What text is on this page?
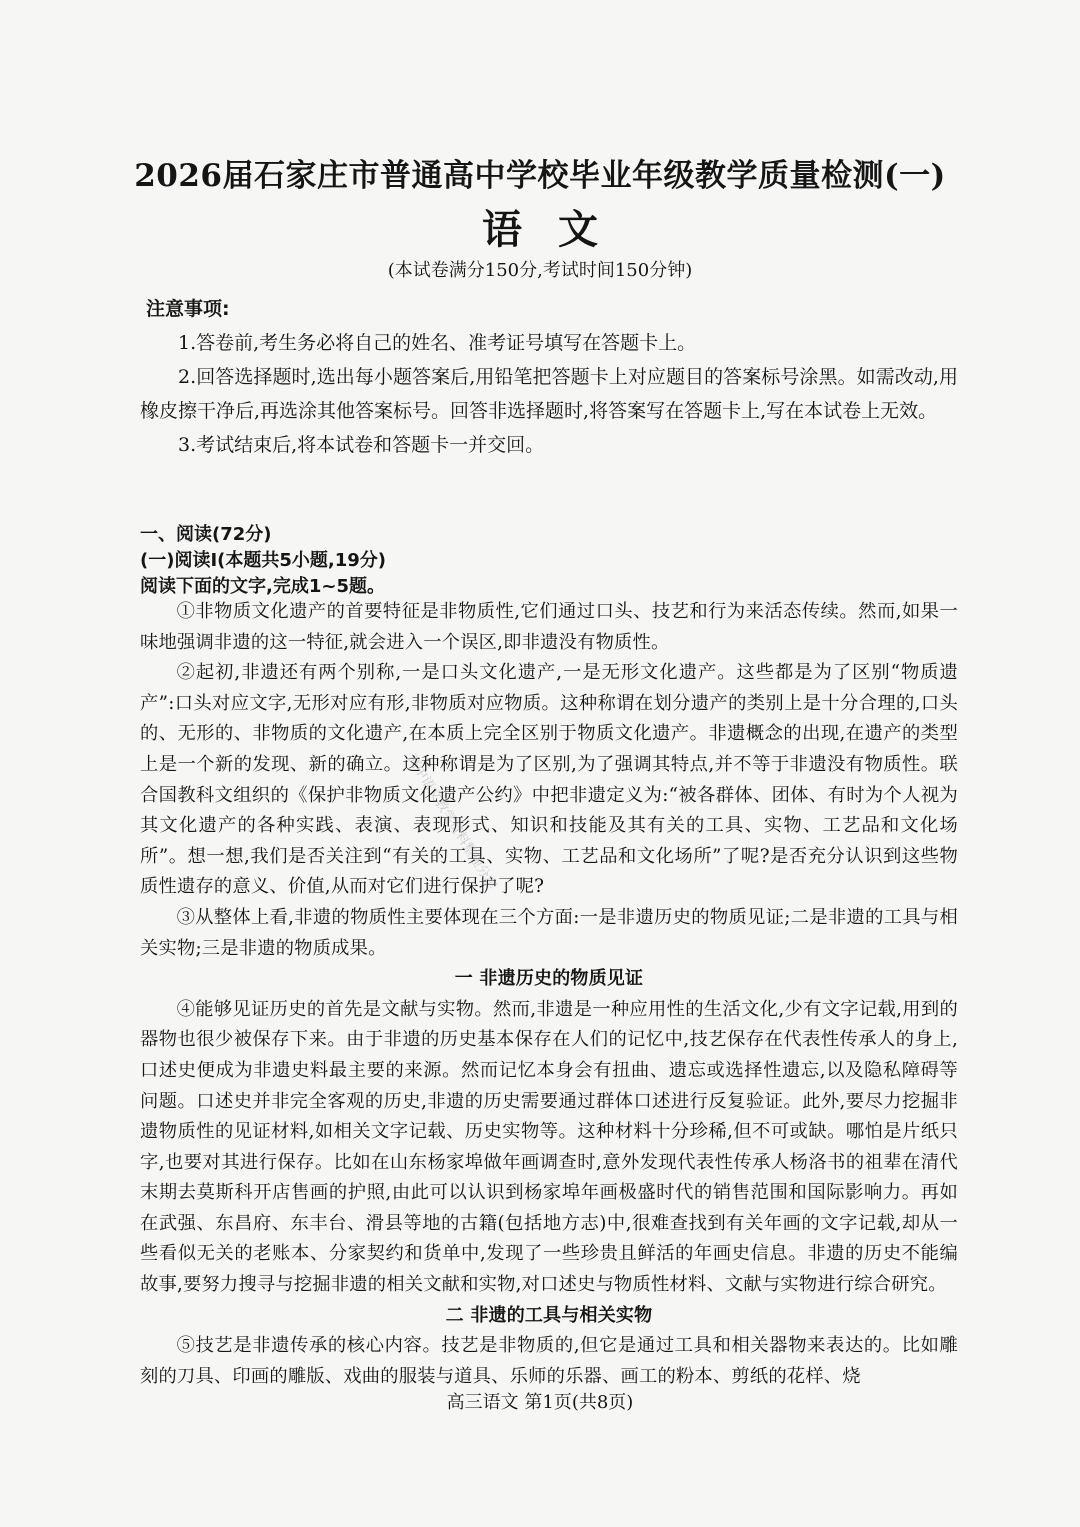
2026届石家庄市普通高中学校毕业年级教学质量检测(一)
语文
(本试卷满分150分,考试时间150分钟)
注意事项:

1.答卷前,考生务必将自己的姓名、准考证号填写在答题卡上。

2.回答选择题时,选出每小题答案后,用铅笔把答题卡上对应题目的答案标号涂黑。如需改动,用橡皮擦干净后,再选涂其他答案标号。回答非选择题时,将答案写在答题卡上,写在本试卷上无效。

3.考试结束后,将本试卷和答题卡一并交回。

一、阅读(72分)
(一)阅读Ⅰ(本题共5小题,19分)
阅读下面的文字,完成1~5题。

①非物质文化遗产的首要特征是非物质性,它们通过口头、技艺和行为来活态传续。然而,如果一味地强调非遗的这一特征,就会进入一个误区,即非遗没有物质性。

②起初,非遗还有两个别称,一是口头文化遗产,一是无形文化遗产。这些都是为了区别“物质遗产”:口头对应文字,无形对应有形,非物质对应物质。这种称谓在划分遗产的类别上是十分合理的,口头的、无形的、非物质的文化遗产,在本质上完全区别于物质文化遗产。非遗概念的出现,在遗产的类型上是一个新的发现、新的确立。这种称谓是为了区别,为了强调其特点,并不等于非遗没有物质性。联合国教科文组织的《保护非物质文化遗产公约》中把非遗定义为:“被各群体、团体、有时为个人视为其文化遗产的各种实践、表演、表现形式、知识和技能及其有关的工具、实物、工艺品和文化场所”。想一想,我们是否关注到“有关的工具、实物、工艺品和文化场所”了呢?是否充分认识到这些物质性遗存的意义、价值,从而对它们进行保护了呢?

③从整体上看,非遗的物质性主要体现在三个方面:一是非遗历史的物质见证;二是非遗的工具与相关实物;三是非遗的物质成果。

一 非遗历史的物质见证

④能够见证历史的首先是文献与实物。然而,非遗是一种应用性的生活文化,少有文字记载,用到的器物也很少被保存下来。由于非遗的历史基本保存在人们的记忆中,技艺保存在代表性传承人的身上,口述史便成为非遗史料最主要的来源。然而记忆本身会有扭曲、遗忘或选择性遗忘,以及隐私障碍等问题。口述史并非完全客观的历史,非遗的历史需要通过群体口述进行反复验证。此外,要尽力挖掘非遗物质性的见证材料,如相关文字记载、历史实物等。这种材料十分珍稀,但不可或缺。哪怕是片纸只字,也要对其进行保存。比如在山东杨家埠做年画调查时,意外发现代表性传承人杨洛书的祖辈在清代末期去莫斯科开店售画的护照,由此可以认识到杨家埠年画极盛时代的销售范围和国际影响力。再如在武强、东昌府、东丰台、滑县等地的古籍(包括地方志)中,很难查找到有关年画的文字记载,却从一些看似无关的老账本、分家契约和货单中,发现了一些珍贵且鲜活的年画史信息。非遗的历史不能编故事,要努力搜寻与挖掘非遗的相关文献和实物,对口述史与物质性材料、文献与实物进行综合研究。

二 非遗的工具与相关实物

⑤技艺是非遗传承的核心内容。技艺是非物质的,但它是通过工具和相关器物来表达的。比如雕刻的刀具、印画的雕版、戏曲的服装与道具、乐师的乐器、画工的粉本、剪纸的花样、烧

高中语文教学资料整理分享
高三语文 第1页(共8页)
